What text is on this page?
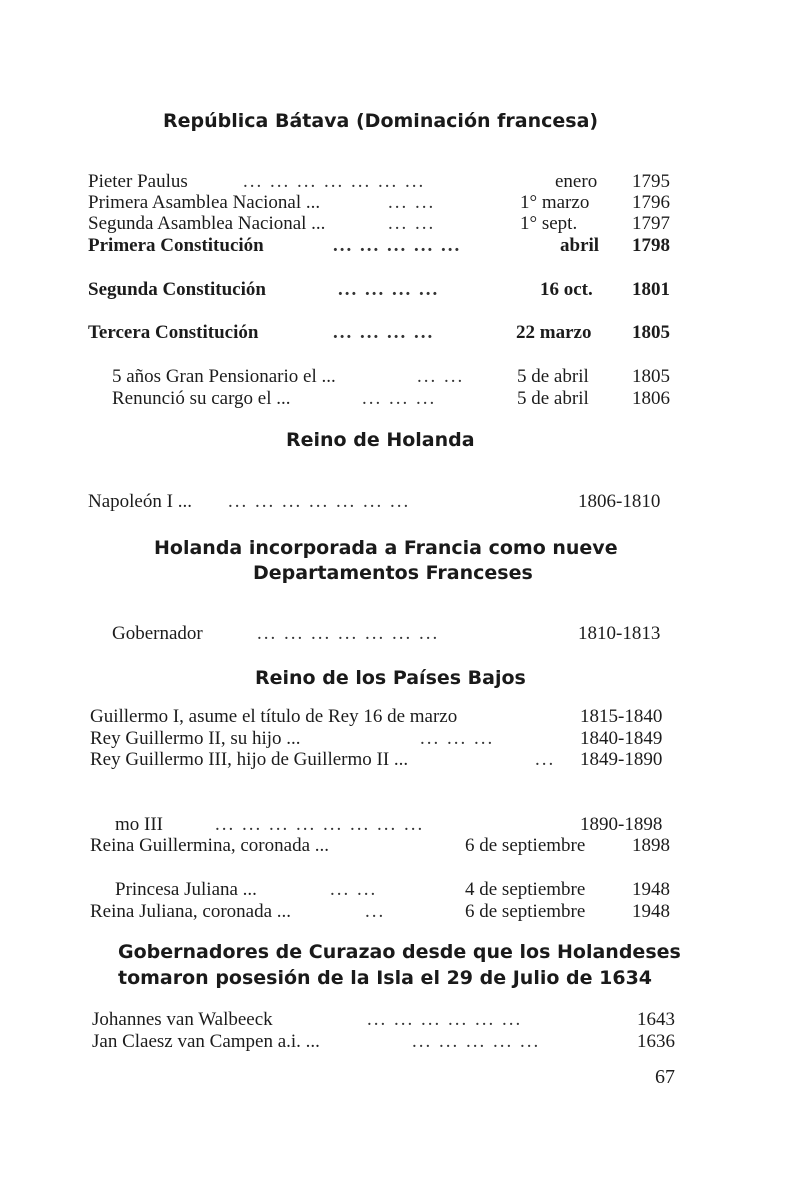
República Bátava (Dominación francesa)
Pieter Paulus	... ... ... ... ... ... ...	enero 1795
Primera Asamblea Nacional ...	... ...	1° marzo 1796
Segunda Asamblea Nacional ...	... ...	1° sept.	1797
Primera Constitución	... ... ... ... ...	abril 1798
Segunda Constitución	... ... ... ...	16 oct. 1801
Tercera Constitución	... ... ... ...	22 marzo 1805
5 años Gran Pensionario el ...	... ...	5 de abril 1805
Renunció su cargo el ...	... ... ...	5 de abril 1806
Reino de Holanda
Napoleón I ... ... ... ... ... ... ... ...	1806-1810
Holanda incorporada a Francia como nueve
Departamentos Franceses
Gobernador	... ... ... ... ... ... ...	1810-1813
Reino de los Países Bajos
Guillermo I, asume el título de Rey 16 de marzo	1815-1840
Rey Guillermo II, su hijo ...	... ... ...	1840-1849
Rey Guillermo III, hijo de Guillermo II ...	... 1849-1890
mo III	... ... ... ... ... ... ... ...	1890-1898
Reina Guillermina, coronada ...	6 de septiembre 1898
Princesa Juliana ...	... ...	4 de septiembre 1948
Reina Juliana, coronada ...	...	6 de septiembre 1948
Gobernadores de Curazao desde que los Holandeses
tomaron posesión de la Isla el 29 de Julio de 1634
Johannes van Walbeeck	... ... ... ... ... ...	1643
Jan Claesz van Campen a.i. ...	... ... ... ... ...	1636
67
